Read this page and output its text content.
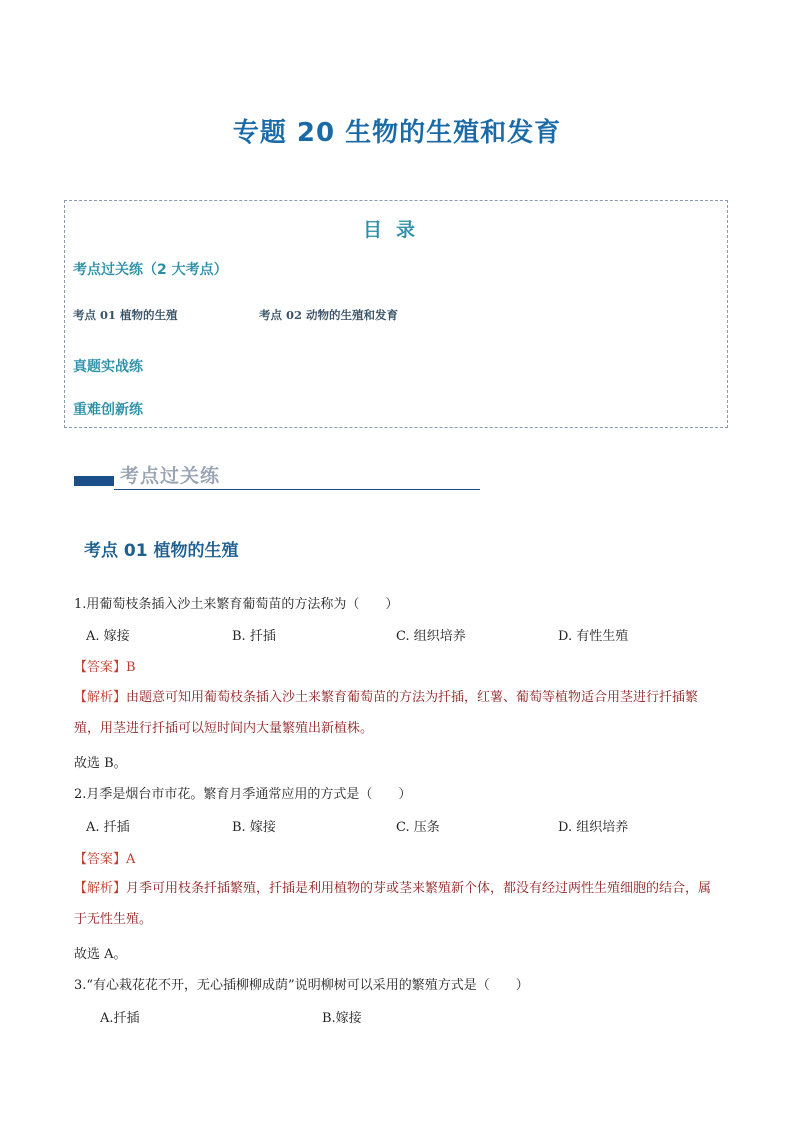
专题 20 生物的生殖和发育
目录
考点过关练（2 大考点）
考点 01 植物的生殖	考点 02 动物的生殖和发育
真题实战练
重难创新练
考点过关练
考点 01 植物的生殖
1.用葡萄枝条插入沙土来繁育葡萄苗的方法称为（　　）
A. 嫁接	B. 扦插	C. 组织培养	D. 有性生殖
【答案】B
【解析】由题意可知用葡萄枝条插入沙土来繁育葡萄苗的方法为扦插，红薯、葡萄等植物适合用茎进行扦插繁殖，用茎进行扦插可以短时间内大量繁殖出新植株。
故选 B。
2.月季是烟台市市花。繁育月季通常应用的方式是（　　）
A. 扦插	B. 嫁接	C. 压条	D. 组织培养
【答案】A
【解析】月季可用枝条扦插繁殖，扦插是利用植物的芽或茎来繁殖新个体，都没有经过两性生殖细胞的结合，属于无性生殖。
故选 A。
3.“有心栽花花不开，无心插柳柳成荫”说明柳树可以采用的繁殖方式是（　　）
A.扦插	B.嫁接
